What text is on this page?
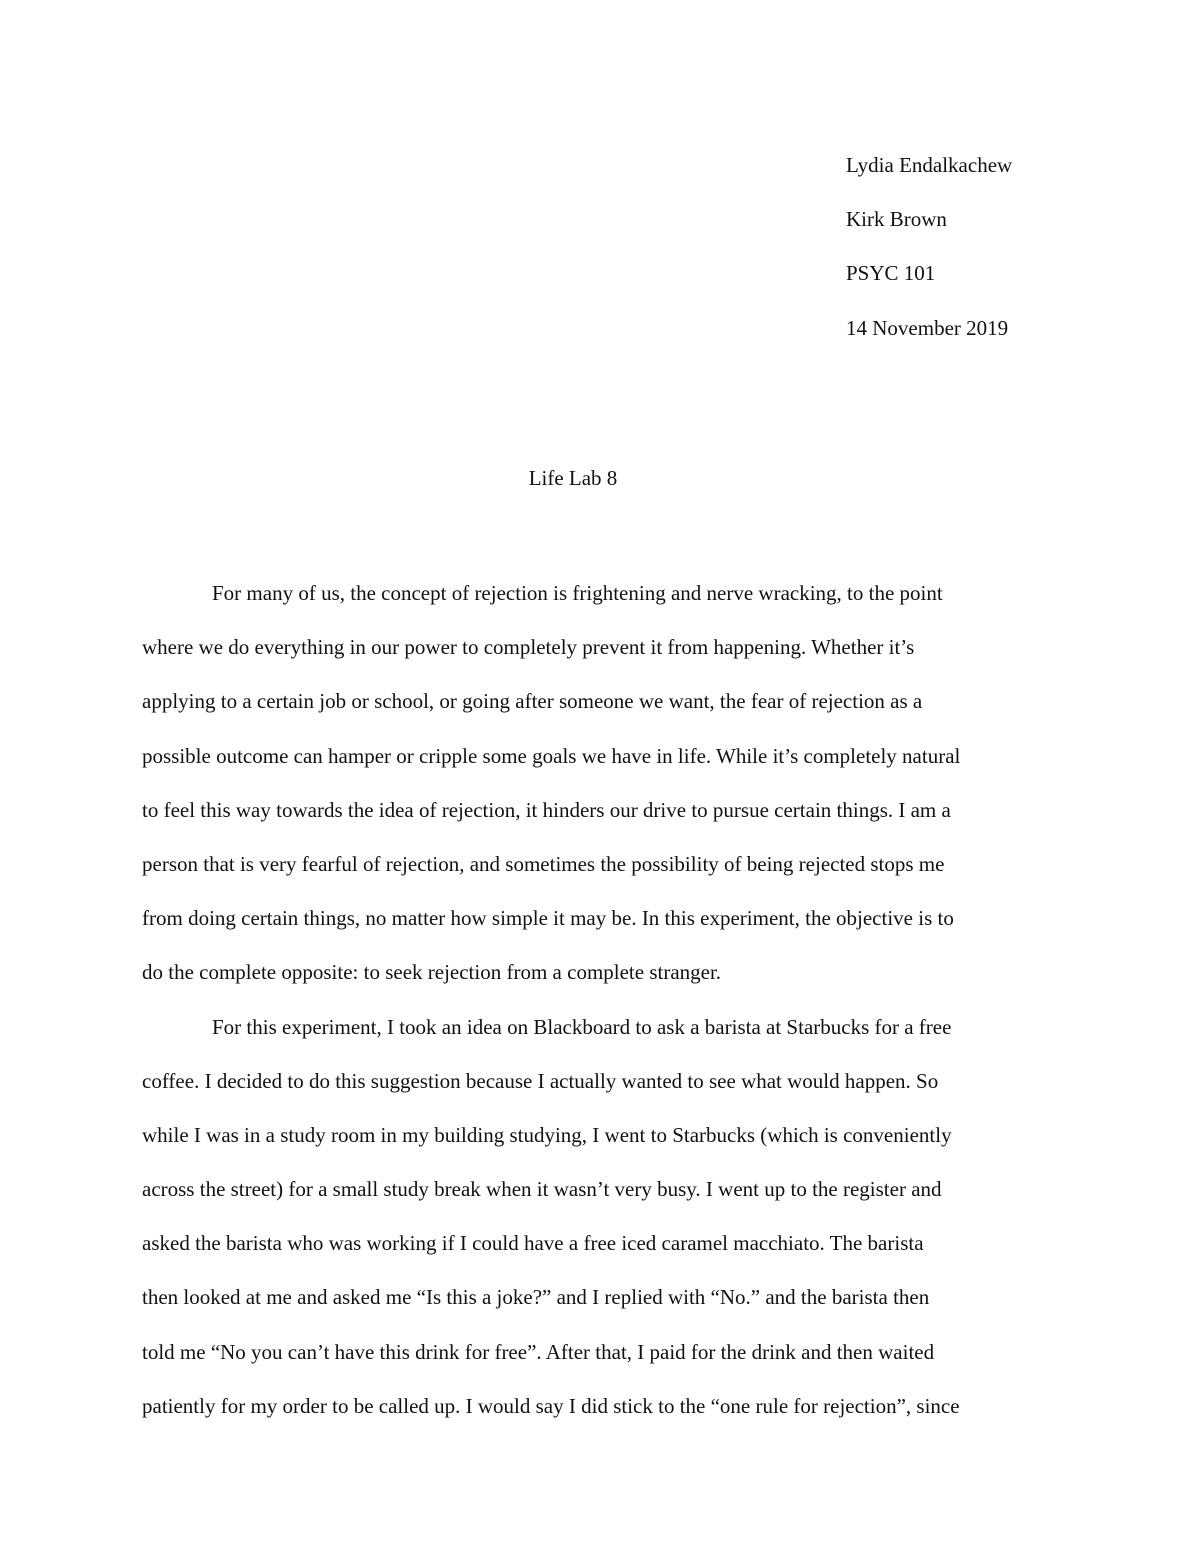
Lydia Endalkachew
Kirk Brown
PSYC 101
14 November 2019
Life Lab 8
For many of us, the concept of rejection is frightening and nerve wracking, to the point
where we do everything in our power to completely prevent it from happening. Whether it’s
applying to a certain job or school, or going after someone we want, the fear of rejection as a
possible outcome can hamper or cripple some goals we have in life. While it’s completely natural
to feel this way towards the idea of rejection, it hinders our drive to pursue certain things. I am a
person that is very fearful of rejection, and sometimes the possibility of being rejected stops me
from doing certain things, no matter how simple it may be. In this experiment, the objective is to
do the complete opposite: to seek rejection from a complete stranger.
For this experiment, I took an idea on Blackboard to ask a barista at Starbucks for a free
coffee. I decided to do this suggestion because I actually wanted to see what would happen. So
while I was in a study room in my building studying, I went to Starbucks (which is conveniently
across the street) for a small study break when it wasn’t very busy. I went up to the register and
asked the barista who was working if I could have a free iced caramel macchiato. The barista
then looked at me and asked me “Is this a joke?” and I replied with “No.” and the barista then
told me “No you can’t have this drink for free”. After that, I paid for the drink and then waited
patiently for my order to be called up. I would say I did stick to the “one rule for rejection”, since
